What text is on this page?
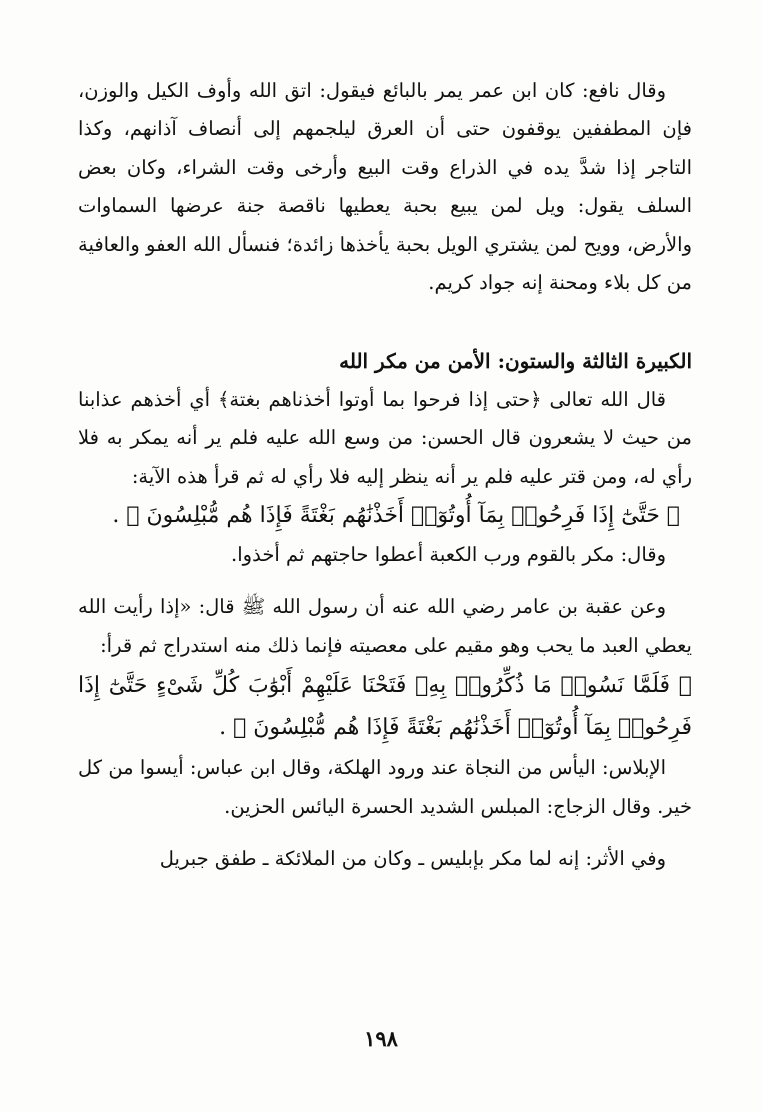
وقال نافع: كان ابن عمر يمر بالبائع فيقول: اتق الله وأوف الكيل والوزن، فإن المطففين يوقفون حتى أن العرق ليلجمهم إلى أنصاف آذانهم، وكذا التاجر إذا شدَّ يده في الذراع وقت البيع وأرخى وقت الشراء، وكان بعض السلف يقول: ويل لمن يبيع بحبة يعطيها ناقصة جنة عرضها السماوات والأرض، وويح لمن يشتري الويل بحبة يأخذها زائدة؛ فنسأل الله العفو والعافية من كل بلاء ومحنة إنه جواد كريم.

الكبيرة الثالثة والستون: الأمن من مكر الله

قال الله تعالى ﴿حتى إذا فرحوا بما أوتوا أخذناهم بغتة﴾ أي أخذهم عذابنا من حيث لا يشعرون قال الحسن: من وسع الله عليه فلم ير أنه يمكر به فلا رأي له، ومن قتر عليه فلم ير أنه ينظر إليه فلا رأي له ثم قرأ هذه الآية:

﴿ حَتَّىٰٓ إِذَا فَرِحُوا۟ بِمَآ أُوتُوٓا۟ أَخَذْنَٰهُم بَغْتَةً فَإِذَا هُم مُّبْلِسُونَ ﴾ .

وقال: مكر بالقوم ورب الكعبة أعطوا حاجتهم ثم أخذوا.

وعن عقبة بن عامر رضي الله عنه أن رسول الله ﷺ قال: «إذا رأيت الله يعطي العبد ما يحب وهو مقيم على معصيته فإنما ذلك منه استدراج ثم قرأ:

﴿ فَلَمَّا نَسُوا۟ مَا ذُكِّرُوا۟ بِهِۦ فَتَحْنَا عَلَيْهِمْ أَبْوَٰبَ كُلِّ شَىْءٍ حَتَّىٰٓ إِذَا فَرِحُوا۟ بِمَآ أُوتُوٓا۟ أَخَذْنَٰهُم بَغْتَةً فَإِذَا هُم مُّبْلِسُونَ ﴾ .

الإبلاس: اليأس من النجاة عند ورود الهلكة، وقال ابن عباس: أيسوا من كل خير. وقال الزجاج: المبلس الشديد الحسرة اليائس الحزين.

وفي الأثر: إنه لما مكر بإبليس ـ وكان من الملائكة ـ طفق جبريل

١٩٨
